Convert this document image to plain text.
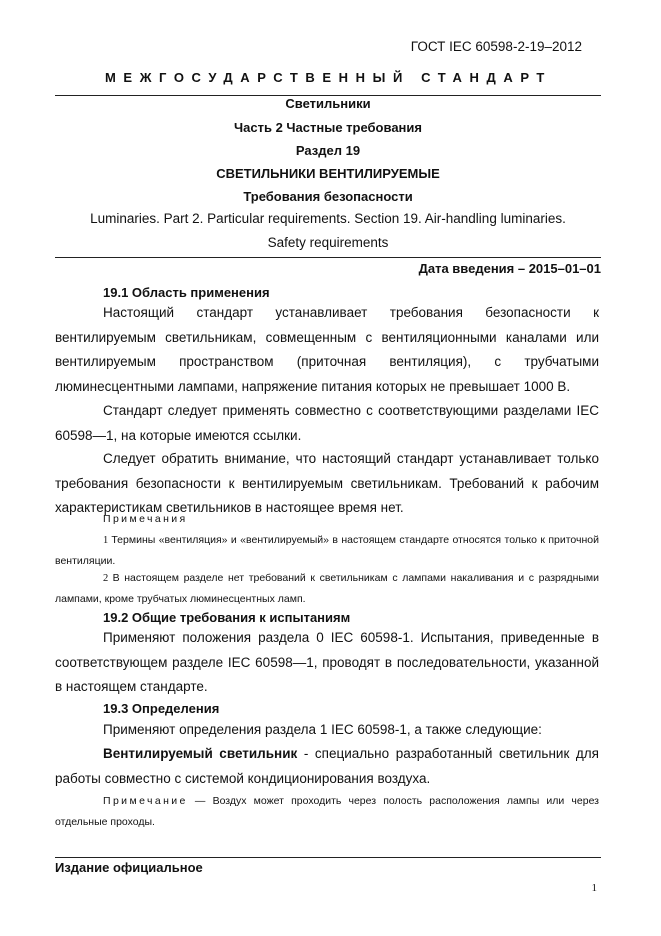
ГОСТ IEC 60598-2-19–2012
МЕЖГОСУДАРСТВЕННЫЙ СТАНДАРТ
Светильники
Часть 2 Частные требования
Раздел 19
СВЕТИЛЬНИКИ ВЕНТИЛИРУЕМЫЕ
Требования безопасности
Luminaries. Part 2. Particular requirements. Section 19. Air-handling luminaries.
Safety requirements
Дата введения – 2015–01–01
19.1 Область применения
Настоящий стандарт устанавливает требования безопасности к вентилируемым светильникам, совмещенным с вентиляционными каналами или вентилируемым пространством (приточная вентиляция), с трубчатыми люминесцентными лампами, напряжение питания которых не превышает 1000 В.
Стандарт следует применять совместно с соответствующими разделами IEC 60598—1, на которые имеются ссылки.
Следует обратить внимание, что настоящий стандарт устанавливает только требования безопасности к вентилируемым светильникам. Требований к рабочим характеристикам светильников в настоящее время нет.
Примечания
1 Термины «вентиляция» и «вентилируемый» в настоящем стандарте относятся только к приточной вентиляции.
2 В настоящем разделе нет требований к светильникам с лампами накаливания и с разрядными лампами, кроме трубчатых люминесцентных ламп.
19.2 Общие требования к испытаниям
Применяют положения раздела 0 IEC 60598-1. Испытания, приведенные в соответствующем разделе IEC 60598—1, проводят в последовательности, указанной в настоящем стандарте.
19.3 Определения
Применяют определения раздела 1 IEC 60598-1, а также следующие:
Вентилируемый светильник - специально разработанный светильник для работы совместно с системой кондиционирования воздуха.
Примечание — Воздух может проходить через полость расположения лампы или через отдельные проходы.
Издание официальное
1
